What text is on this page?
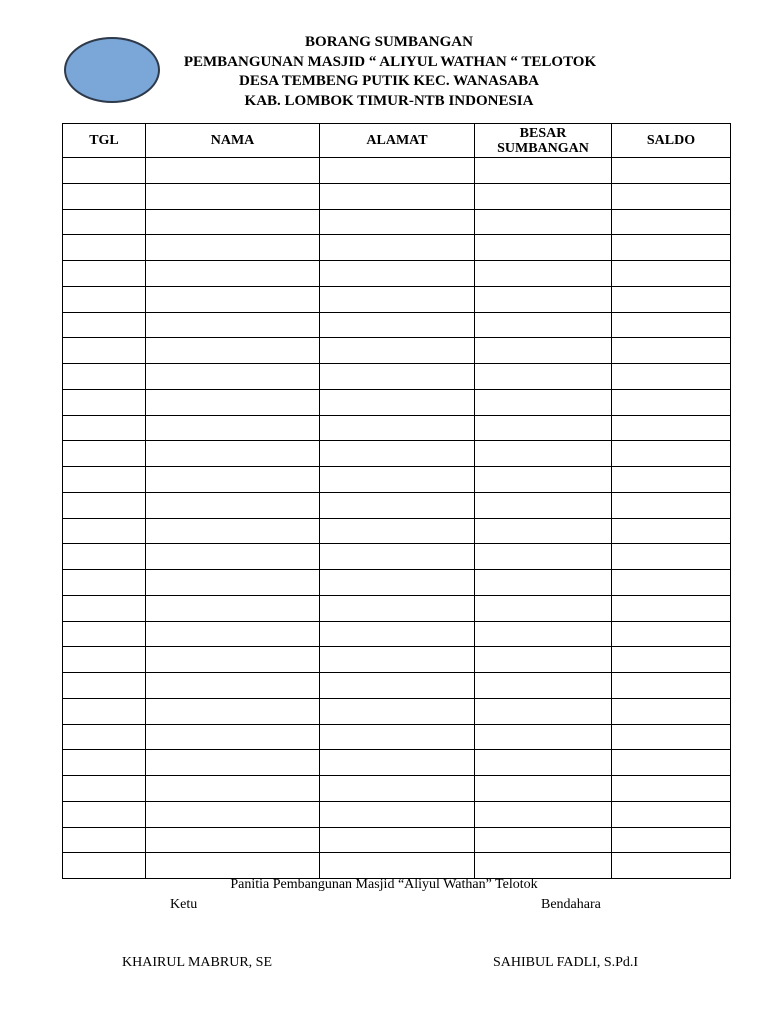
BORANG SUMBANGAN
PEMBANGUNAN MASJID “ ALIYUL WATHAN “ TELOTOK
DESA TEMBENG PUTIK KEC. WANASABA
KAB. LOMBOK TIMUR-NTB INDONESIA
TGL	NAMA	ALAMAT	BESAR SUMBANGAN	SALDO

Panitia Pembangunan Masjid “Aliyul Wathan” Telotok
Ketu	Bendahara
KHAIRUL MABRUR, SE	SAHIBUL FADLI, S.Pd.I
